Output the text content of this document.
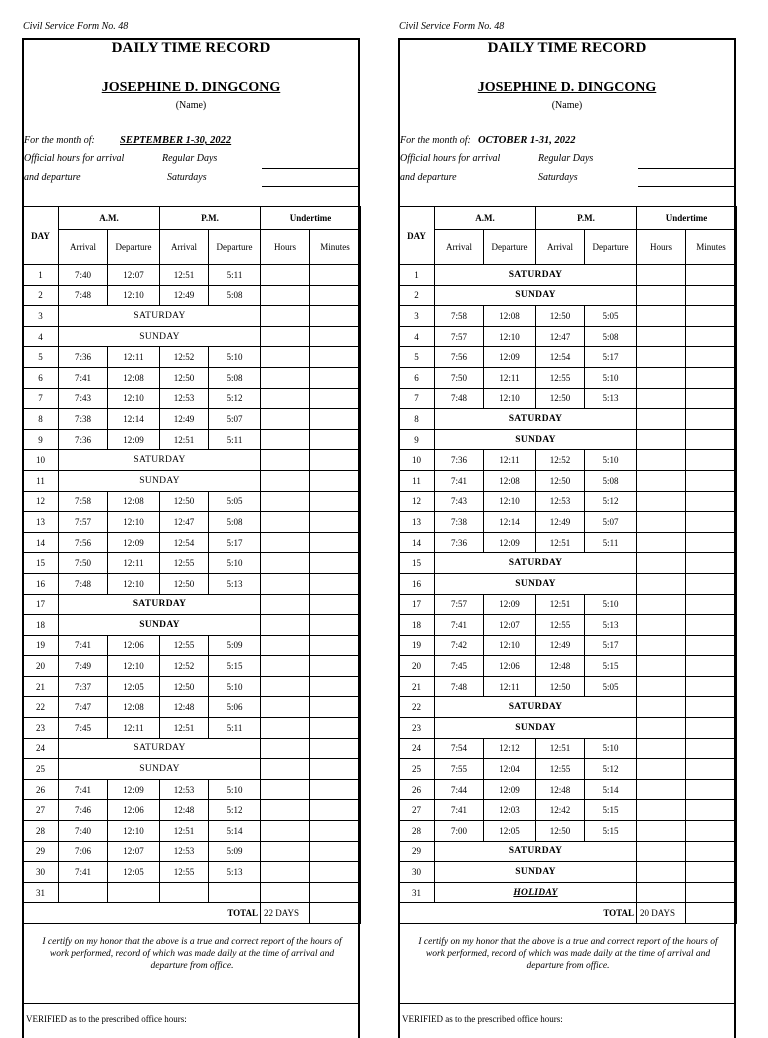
Civil Service Form No. 48
DAILY TIME RECORD
JOSEPHINE D. DINGCONG
(Name)
For the month of: SEPTEMBER 1-30, 2022
Official hours for arrival
and departure
Regular Days
Saturdays
DAY	A.M.		P.M.		Undertime	
	Arrival	Departure	Arrival	Departure	Hours	Minutes
1	7:40	12:07	12:51	5:11		
2	7:48	12:10	12:49	5:08		
3	SATURDAY					
4	SUNDAY					
5	7:36	12:11	12:52	5:10		
6	7:41	12:08	12:50	5:08		
7	7:43	12:10	12:53	5:12		
8	7:38	12:14	12:49	5:07		
9	7:36	12:09	12:51	5:11		
10	SATURDAY					
11	SUNDAY					
12	7:58	12:08	12:50	5:05		
13	7:57	12:10	12:47	5:08		
14	7:56	12:09	12:54	5:17		
15	7:50	12:11	12:55	5:10		
16	7:48	12:10	12:50	5:13		
17	SATURDAY					
18	SUNDAY					
19	7:41	12:06	12:55	5:09		
20	7:49	12:10	12:52	5:15		
21	7:37	12:05	12:50	5:10		
22	7:47	12:08	12:48	5:06		
23	7:45	12:11	12:51	5:11		
24	SATURDAY					
25	SUNDAY					
26	7:41	12:09	12:53	5:10		
27	7:46	12:06	12:48	5:12		
28	7:40	12:10	12:51	5:14		
29	7:06	12:07	12:53	5:09		
30	7:41	12:05	12:55	5:13		
31						
TOTAL					22 DAYS	
I certify on my honor that the above is a true and correct report of the hours of work performed, record of which was made daily at the time of arrival and departure from office.
VERIFIED as to the prescribed office hours:
Civil Service Form No. 48
DAILY TIME RECORD
JOSEPHINE D. DINGCONG
(Name)
For the month of: OCTOBER 1-31, 2022
Official hours for arrival
and departure
Regular Days
Saturdays
DAY	A.M.		P.M.		Undertime	
	Arrival	Departure	Arrival	Departure	Hours	Minutes
1	SATURDAY					
2	SUNDAY					
3	7:58	12:08	12:50	5:05		
4	7:57	12:10	12:47	5:08		
5	7:56	12:09	12:54	5:17		
6	7:50	12:11	12:55	5:10		
7	7:48	12:10	12:50	5:13		
8	SATURDAY					
9	SUNDAY					
10	7:36	12:11	12:52	5:10		
11	7:41	12:08	12:50	5:08		
12	7:43	12:10	12:53	5:12		
13	7:38	12:14	12:49	5:07		
14	7:36	12:09	12:51	5:11		
15	SATURDAY					
16	SUNDAY					
17	7:57	12:09	12:51	5:10		
18	7:41	12:07	12:55	5:13		
19	7:42	12:10	12:49	5:17		
20	7:45	12:06	12:48	5:15		
21	7:48	12:11	12:50	5:05		
22	SATURDAY					
23	SUNDAY					
24	7:54	12:12	12:51	5:10		
25	7:55	12:04	12:55	5:12		
26	7:44	12:09	12:48	5:14		
27	7:41	12:03	12:42	5:15		
28	7:00	12:05	12:50	5:15		
29	SATURDAY					
30	SUNDAY					
31	HOLIDAY					
TOTAL					20 DAYS	
I certify on my honor that the above is a true and correct report of the hours of work performed, record of which was made daily at the time of arrival and departure from office.
VERIFIED as to the prescribed office hours:
